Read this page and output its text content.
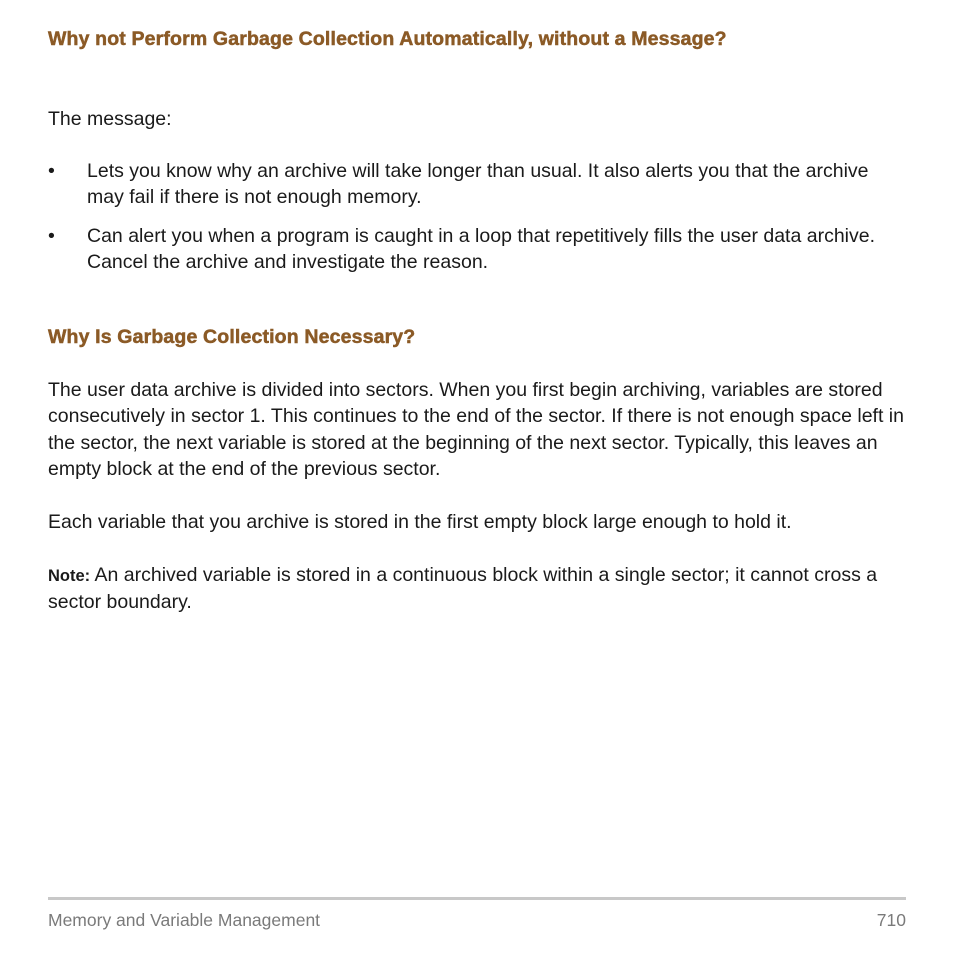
Why not Perform Garbage Collection Automatically, without a Message?

The message:

• Lets you know why an archive will take longer than usual. It also alerts you that the archive may fail if there is not enough memory.
• Can alert you when a program is caught in a loop that repetitively fills the user data archive. Cancel the archive and investigate the reason.
Why Is Garbage Collection Necessary?

The user data archive is divided into sectors. When you first begin archiving, variables are stored consecutively in sector 1. This continues to the end of the sector. If there is not enough space left in the sector, the next variable is stored at the beginning of the next sector. Typically, this leaves an empty block at the end of the previous sector.

Each variable that you archive is stored in the first empty block large enough to hold it.

Note: An archived variable is stored in a continuous block within a single sector; it cannot cross a sector boundary.

Memory and Variable Management	710
